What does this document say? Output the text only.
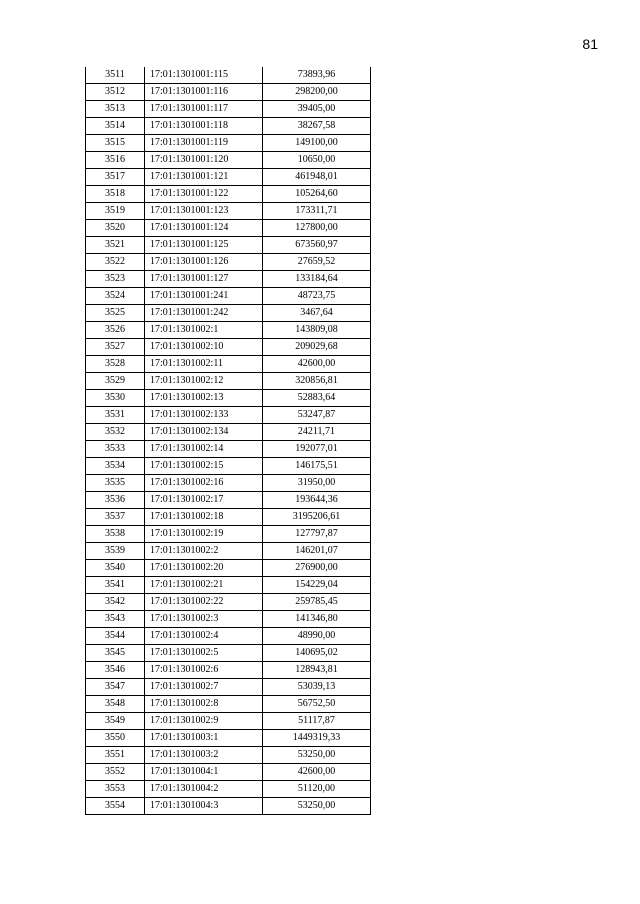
81
3511	17:01:1301001:115	73893,96
3512	17:01:1301001:116	298200,00
3513	17:01:1301001:117	39405,00
3514	17:01:1301001:118	38267,58
3515	17:01:1301001:119	149100,00
3516	17:01:1301001:120	10650,00
3517	17:01:1301001:121	461948,01
3518	17:01:1301001:122	105264,60
3519	17:01:1301001:123	173311,71
3520	17:01:1301001:124	127800,00
3521	17:01:1301001:125	673560,97
3522	17:01:1301001:126	27659,52
3523	17:01:1301001:127	133184,64
3524	17:01:1301001:241	48723,75
3525	17:01:1301001:242	3467,64
3526	17:01:1301002:1	143809,08
3527	17:01:1301002:10	209029,68
3528	17:01:1301002:11	42600,00
3529	17:01:1301002:12	320856,81
3530	17:01:1301002:13	52883,64
3531	17:01:1301002:133	53247,87
3532	17:01:1301002:134	24211,71
3533	17:01:1301002:14	192077,01
3534	17:01:1301002:15	146175,51
3535	17:01:1301002:16	31950,00
3536	17:01:1301002:17	193644,36
3537	17:01:1301002:18	3195206,61
3538	17:01:1301002:19	127797,87
3539	17:01:1301002:2	146201,07
3540	17:01:1301002:20	276900,00
3541	17:01:1301002:21	154229,04
3542	17:01:1301002:22	259785,45
3543	17:01:1301002:3	141346,80
3544	17:01:1301002:4	48990,00
3545	17:01:1301002:5	140695,02
3546	17:01:1301002:6	128943,81
3547	17:01:1301002:7	53039,13
3548	17:01:1301002:8	56752,50
3549	17:01:1301002:9	51117,87
3550	17:01:1301003:1	1449319,33
3551	17:01:1301003:2	53250,00
3552	17:01:1301004:1	42600,00
3553	17:01:1301004:2	51120,00
3554	17:01:1301004:3	53250,00
